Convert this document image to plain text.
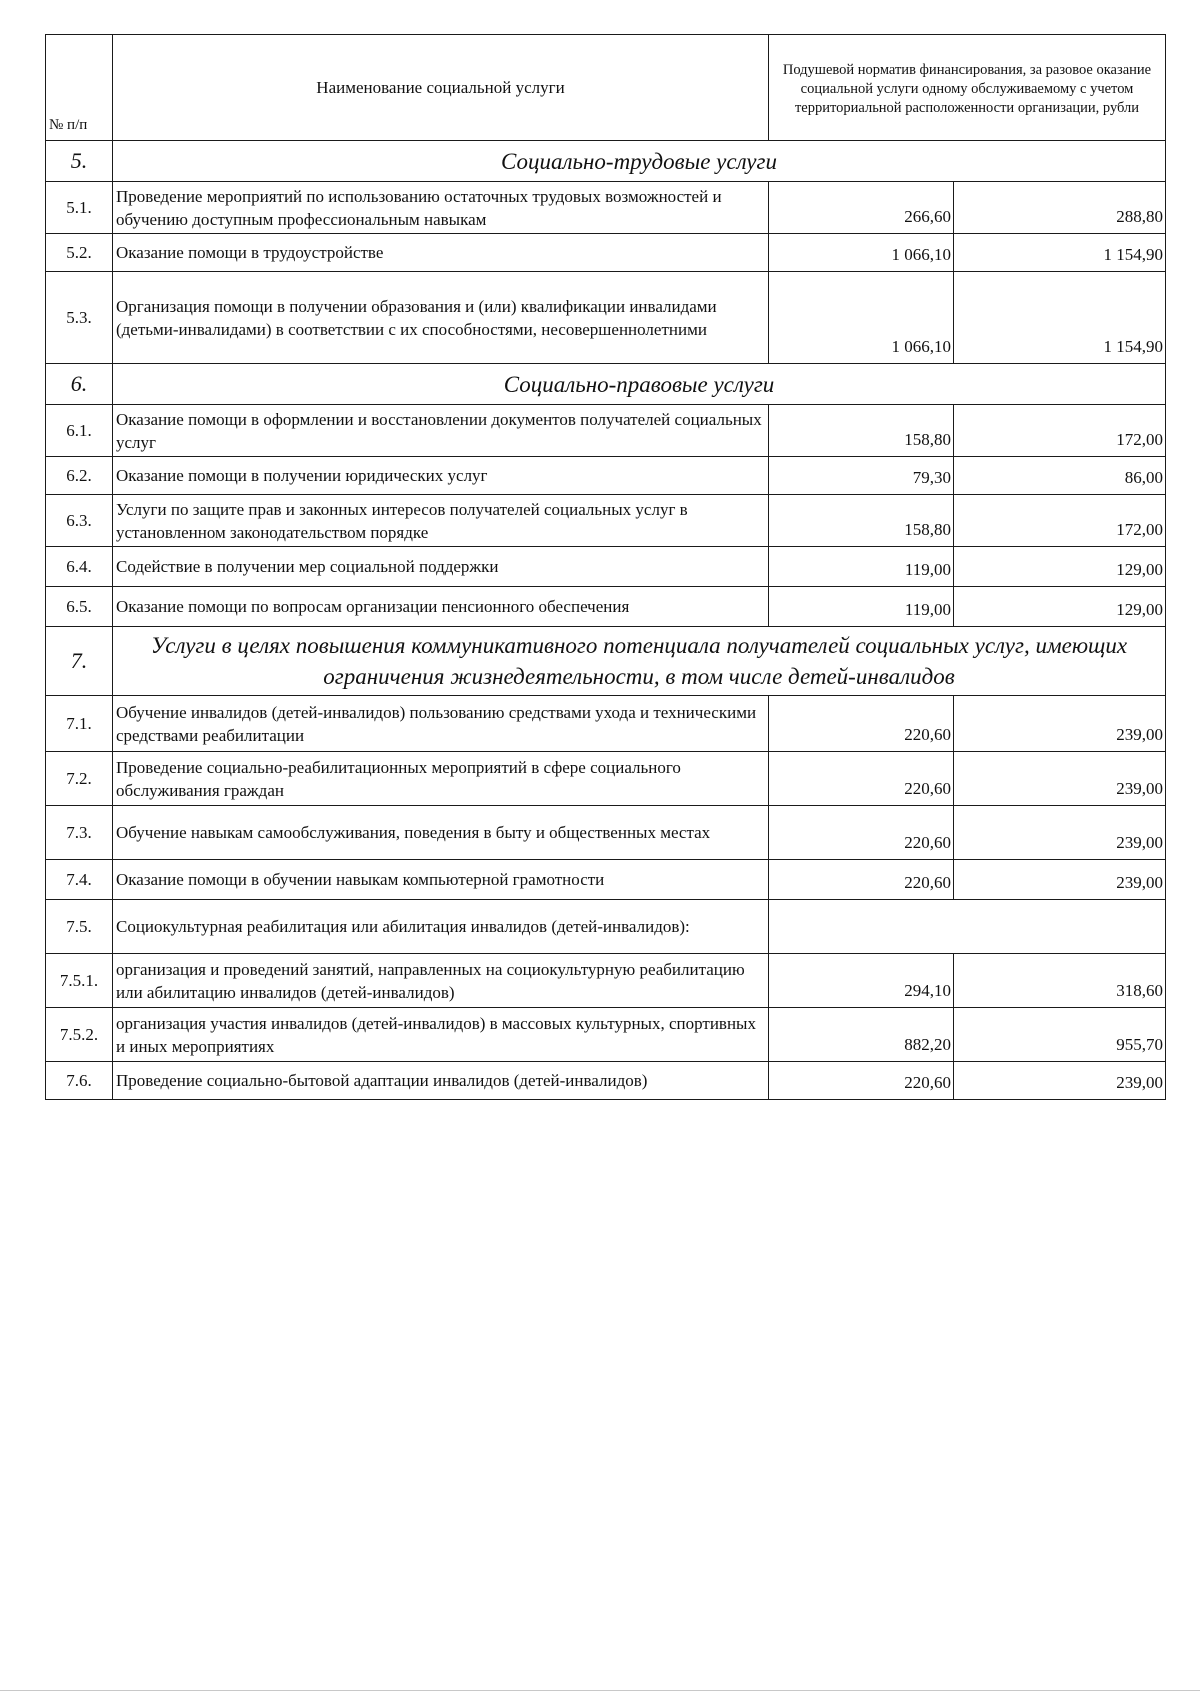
№ п/п	Наименование социальной услуги	Подушевой норматив финансирования, за разовое оказание социальной услуги одному обслуживаемому с учетом территориальной расположенности организации, рубли	
5.	Социально-трудовые услуги		
5.1.	Проведение мероприятий по использованию остаточных трудовых возможностей и обучению доступным профессиональным навыкам	266,60	288,80
5.2.	Оказание помощи в трудоустройстве	1 066,10	1 154,90
5.3.	Организация помощи в получении образования и (или) квалификации инвалидами (детьми-инвалидами) в соответствии с их способностями, несовершеннолетними	1 066,10	1 154,90
6.	Социально-правовые услуги		
6.1.	Оказание помощи в оформлении и восстановлении документов получателей социальных услуг	158,80	172,00
6.2.	Оказание помощи в получении юридических услуг	79,30	86,00
6.3.	Услуги по защите прав и законных интересов получателей социальных услуг в установленном законодательством порядке	158,80	172,00
6.4.	Содействие в получении мер социальной поддержки	119,00	129,00
6.5.	Оказание помощи по вопросам организации пенсионного обеспечения	119,00	129,00
7.	Услуги в целях повышения коммуникативного потенциала получателей социальных услуг, имеющих ограничения жизнедеятельности, в том числе детей-инвалидов		
7.1.	Обучение инвалидов (детей-инвалидов) пользованию средствами ухода и техническими средствами реабилитации	220,60	239,00
7.2.	Проведение социально-реабилитационных мероприятий в сфере социального обслуживания граждан	220,60	239,00
7.3.	Обучение навыкам самообслуживания, поведения в быту и общественных местах	220,60	239,00
7.4.	Оказание помощи в обучении навыкам компьютерной грамотности	220,60	239,00
7.5.	Социокультурная реабилитация или абилитация инвалидов (детей-инвалидов):		
7.5.1.	организация и проведений занятий, направленных на социокультурную реабилитацию или абилитацию инвалидов (детей-инвалидов)	294,10	318,60
7.5.2.	организация участия инвалидов (детей-инвалидов) в массовых культурных, спортивных и иных мероприятиях	882,20	955,70
7.6.	Проведение социально-бытовой адаптации инвалидов (детей-инвалидов)	220,60	239,00
